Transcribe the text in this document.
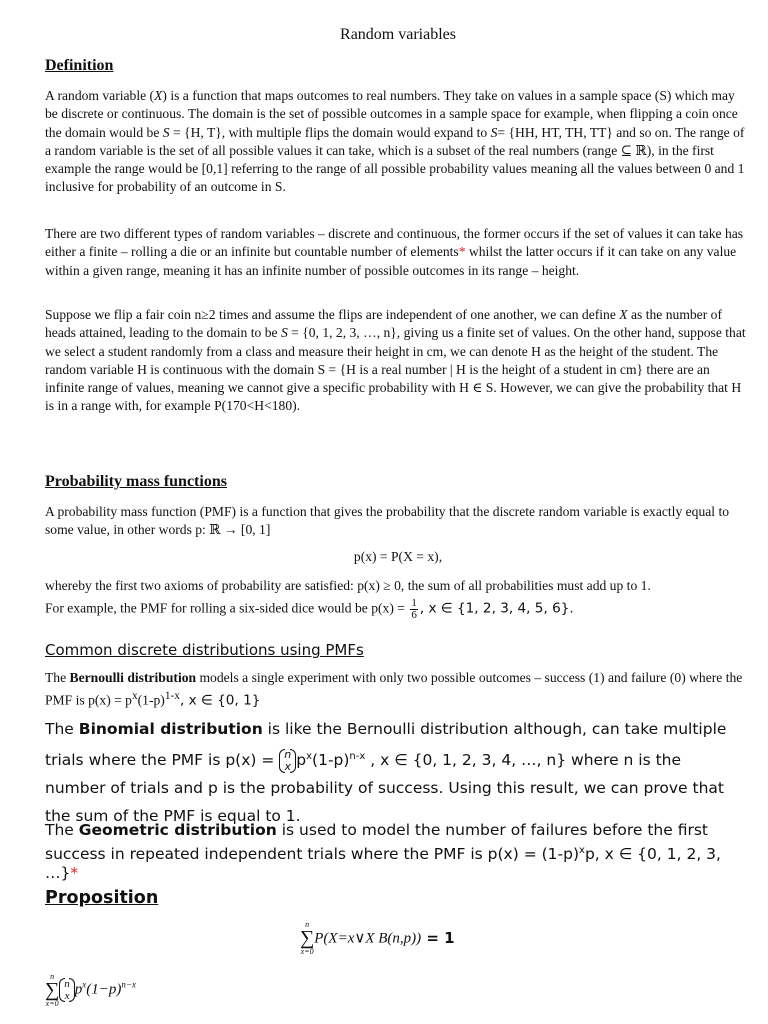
Random variables
Definition

A random variable (X) is a function that maps outcomes to real numbers. They take on values in a sample space (S) which may be discrete or continuous. The domain is the set of possible outcomes in a sample space for example, when flipping a coin once the domain would be S = {H, T}, with multiple flips the domain would expand to S= {HH, HT, TH, TT} and so on. The range of a random variable is the set of all possible values it can take, which is a subset of the real numbers (range ⊆ ℝ), in the first example the range would be [0,1] referring to the range of all possible probability values meaning all the values between 0 and 1 inclusive for probability of an outcome in S.

There are two different types of random variables – discrete and continuous, the former occurs if the set of values it can take has either a finite – rolling a die or an infinite but countable number of elements* whilst the latter occurs if it can take on any value within a given range, meaning it has an infinite number of possible outcomes in its range – height.

Suppose we flip a fair coin n≥2 times and assume the flips are independent of one another, we can define X as the number of heads attained, leading to the domain to be S = {0, 1, 2, 3, …, n}, giving us a finite set of values. On the other hand, suppose that we select a student randomly from a class and measure their height in cm, we can denote H as the height of the student. The random variable H is continuous with the domain S = {H is a real number | H is the height of a student in cm} there are an infinite range of values, meaning we cannot give a specific probability with H ∈ S. However, we can give the probability that H is in a range with, for example P(170<H<180).

Probability mass functions

A probability mass function (PMF) is a function that gives the probability that the discrete random variable is exactly equal to some value, in other words p: ℝ → [0, 1]

p(x) = P(X = x),

whereby the first two axioms of probability are satisfied: p(x) ≥ 0, the sum of all probabilities must add up to 1.

For example, the PMF for rolling a six-sided dice would be $p(x) = \frac{1}{6}$ , x ∈ {1, 2, 3, 4, 5, 6}.

Common discrete distributions using PMFs

The Bernoulli distribution models a single experiment with only two possible outcomes – success (1) and failure (0) where the PMF is $p(x) = p^x(1-p)^{1-x}$, x ∈ {0, 1}

The Binomial distribution is like the Bernoulli distribution although, can take multiple trials where the PMF is p(x) = n
x $p^x(1-p)^{n-x}$ , x ∈ {0, 1, 2, 3, 4, …, n} where n is the number of trials and p is the probability of success. Using this result, we can prove that the sum of the PMF is equal to 1.

The Geometric distribution is used to model the number of failures before the first success in repeated independent trials where the PMF is $p(x) = (1-p)^xp$, x ∈ {0, 1, 2, 3, …}*

Proposition
n
∑
x=0P(X=x∨X B(n,p)) = 1
n
∑
x=0
n
x $p^x(1-p)^{n-x}$
